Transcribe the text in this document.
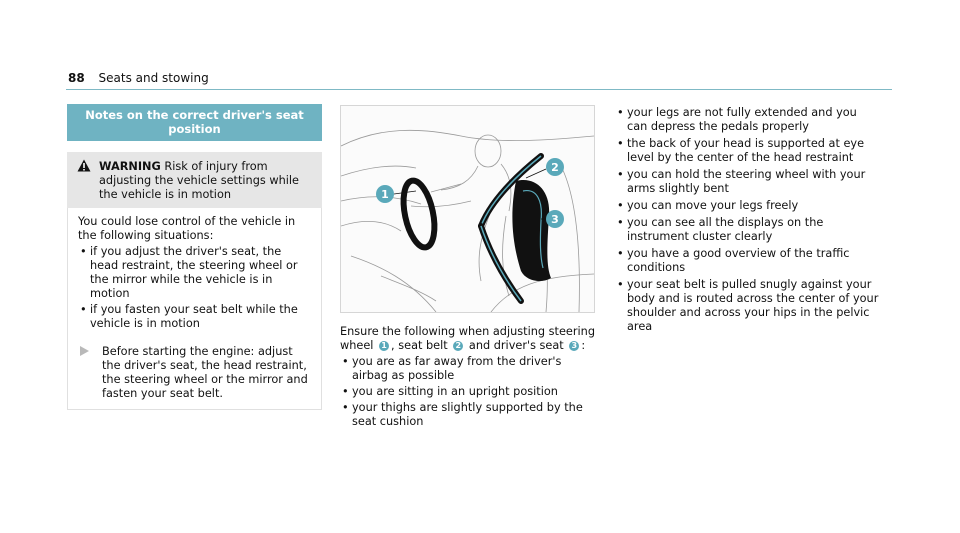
88 Seats and stowing
Notes on the correct driver's seat position
WARNING Risk of injury from adjusting the vehicle settings while the vehicle is in motion
You could lose control of the vehicle in the following situations:
• if you adjust the driver's seat, the head restraint, the steering wheel or the mirror while the vehicle is in motion
• if you fasten your seat belt while the vehicle is in motion
Before starting the engine: adjust the driver's seat, the head restraint, the steering wheel or the mirror and fasten your seat belt.
1
2
3
Ensure the following when adjusting steering wheel 1 , seat belt 2 and driver's seat 3 :
• you are as far away from the driver's airbag as possible
• you are sitting in an upright position
• your thighs are slightly supported by the seat cushion
• your legs are not fully extended and you can depress the pedals properly
• the back of your head is supported at eye level by the center of the head restraint
• you can hold the steering wheel with your arms slightly bent
• you can move your legs freely
• you can see all the displays on the instrument cluster clearly
• you have a good overview of the traffic conditions
• your seat belt is pulled snugly against your body and is routed across the center of your shoulder and across your hips in the pelvic area
